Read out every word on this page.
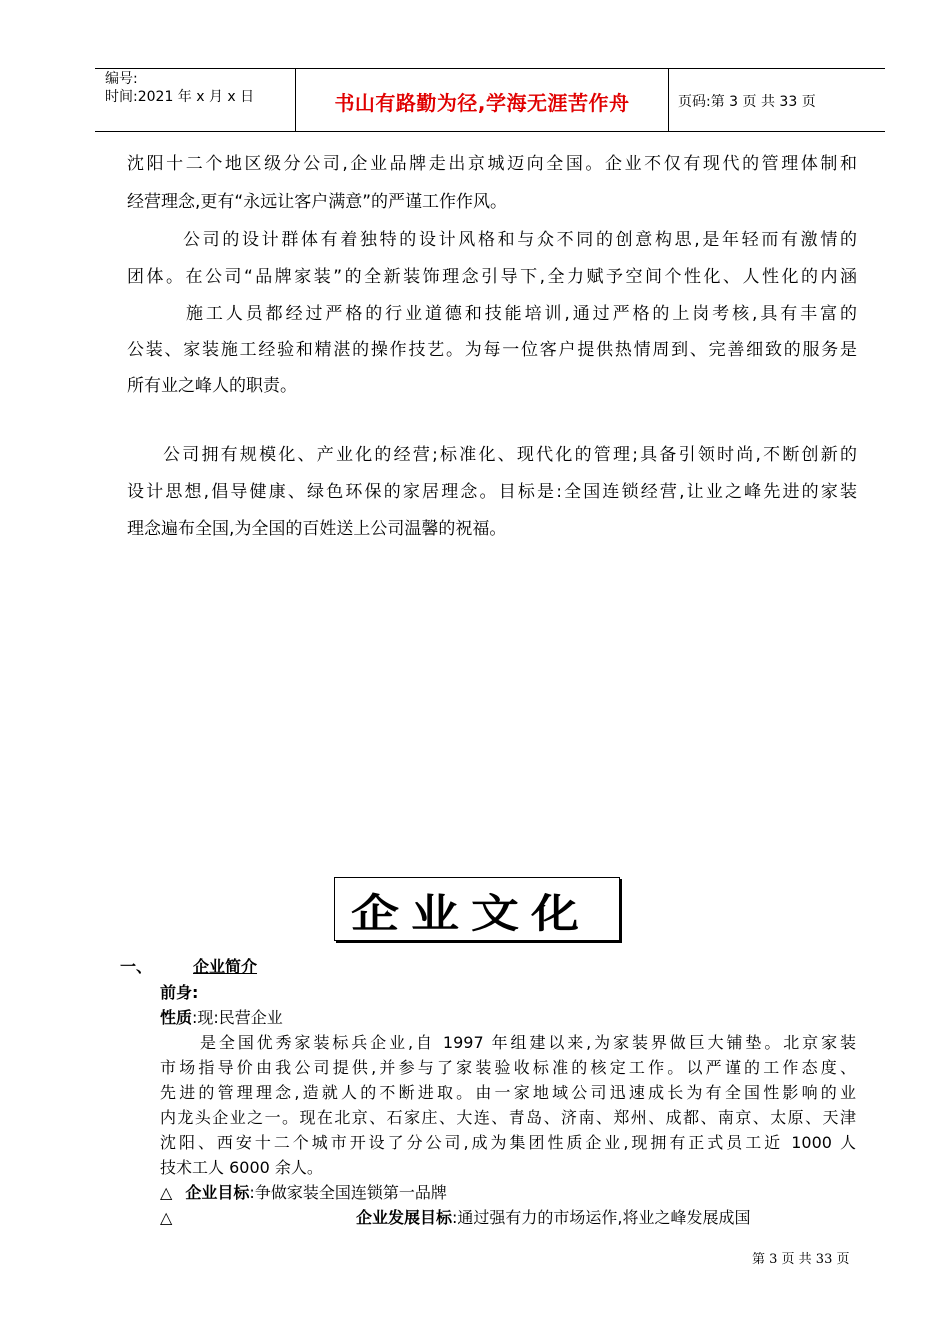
编号:
时间:2021 年 x 月 x 日	书山有路勤为径,学海无涯苦作舟	页码:第 3 页 共 33 页

沈阳十二个地区级分公司,企业品牌走出京城迈向全国。企业不仅有现代的管理体制和

经营理念,更有“永远让客户满意”的严谨工作作风。

公司的设计群体有着独特的设计风格和与众不同的创意构思,是年轻而有激情的

团体。在公司“品牌家装”的全新装饰理念引导下,全力赋予空间个性化、人性化的内涵

施工人员都经过严格的行业道德和技能培训,通过严格的上岗考核,具有丰富的

公装、家装施工经验和精湛的操作技艺。为每一位客户提供热情周到、完善细致的服务是

所有业之峰人的职责。

公司拥有规模化、产业化的经营;标准化、现代化的管理;具备引领时尚,不断创新的

设计思想,倡导健康、绿色环保的家居理念。目标是:全国连锁经营,让业之峰先进的家装

理念遍布全国,为全国的百姓送上公司温馨的祝福。

企业文化
一、	企业简介
前身:
性质:现:民营企业
是全国优秀家装标兵企业,自 1997 年组建以来,为家装界做巨大铺垫。北京家装
市场指导价由我公司提供,并参与了家装验收标准的核定工作。以严谨的工作态度、
先进的管理理念,造就人的不断进取。由一家地域公司迅速成长为有全国性影响的业
内龙头企业之一。现在北京、石家庄、大连、青岛、济南、郑州、成都、南京、太原、天津
沈阳、西安十二个城市开设了分公司,成为集团性质企业,现拥有正式员工近 1000 人
技术工人 6000 余人。
△ 企业目标:争做家装全国连锁第一品牌
△	企业发展目标:通过强有力的市场运作,将业之峰发展成国
第 3 页 共 33 页
